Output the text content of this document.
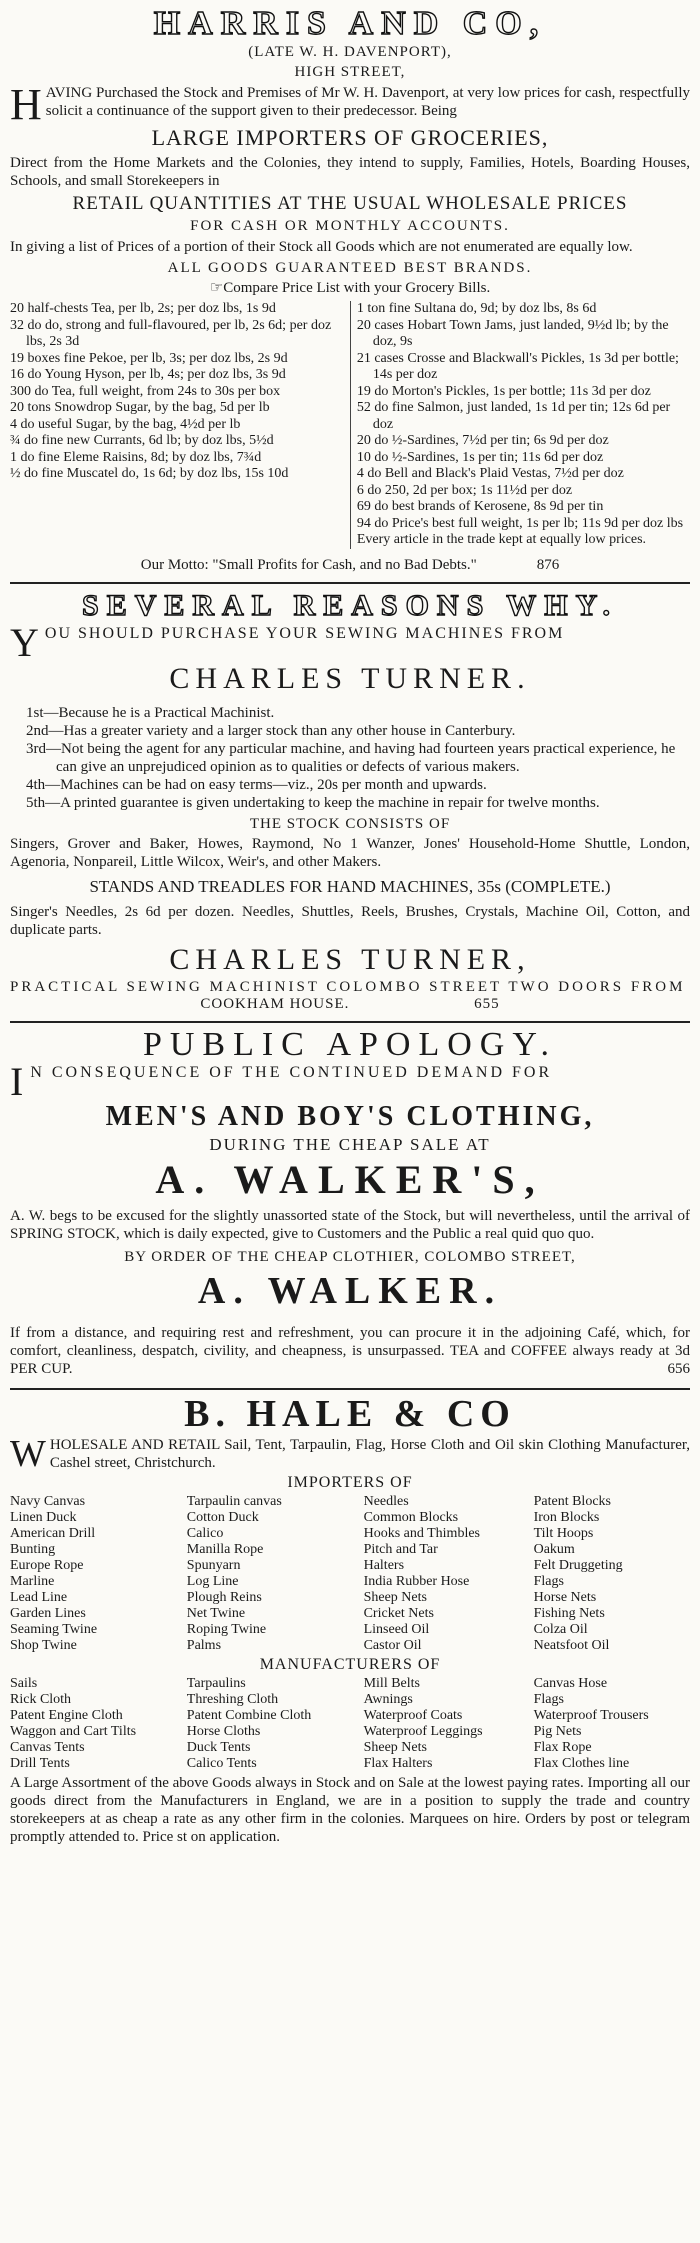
HARRIS AND CO,
(LATE W. H. DAVENPORT),
HIGH STREET,
H AVING Purchased the Stock and Premises of Mr W. H. Davenport, at very low prices for cash, respectfully solicit a continuance of the support given to their predecessor. Being
LARGE IMPORTERS OF GROCERIES,
Direct from the Home Markets and the Colonies, they intend to supply, Families, Hotels, Boarding Houses, Schools, and small Storekeepers in
RETAIL QUANTITIES AT THE USUAL WHOLESALE PRICES
FOR CASH OR MONTHLY ACCOUNTS.
In giving a list of Prices of a portion of their Stock all Goods which are not enumerated are equally low.
ALL GOODS GUARANTEED BEST BRANDS.
☞Compare Price List with your Grocery Bills.
20 half-chests Tea, per lb, 2s; per doz lbs, 1s 9d
32 do do, strong and full-flavoured, per lb, 2s 6d; per doz lbs, 2s 3d
19 boxes fine Pekoe, per lb, 3s; per doz lbs, 2s 9d
16 do Young Hyson, per lb, 4s; per doz lbs, 3s 9d
300 do Tea, full weight, from 24s to 30s per box
20 tons Snowdrop Sugar, by the bag, 5d per lb
4 do useful Sugar, by the bag, 4½d per lb
¾ do fine new Currants, 6d lb; by doz lbs, 5½d
1 do fine Eleme Raisins, 8d; by doz lbs, 7¾d
½ do fine Muscatel do, 1s 6d; by doz lbs, 15s 10d
1 ton fine Sultana do, 9d; by doz lbs, 8s 6d
20 cases Hobart Town Jams, just landed, 9½d lb; by the doz, 9s
21 cases Crosse and Blackwall's Pickles, 1s 3d per bottle; 14s per doz
19 do Morton's Pickles, 1s per bottle; 11s 3d per doz
52 do fine Salmon, just landed, 1s 1d per tin; 12s 6d per doz
20 do ½-Sardines, 7½d per tin; 6s 9d per doz
10 do ½-Sardines, 1s per tin; 11s 6d per doz
4 do Bell and Black's Plaid Vestas, 7½d per doz
6 do 250, 2d per box; 1s 11½d per doz
69 do best brands of Kerosene, 8s 9d per tin
94 do Price's best full weight, 1s per lb; 11s 9d per doz lbs
Every article in the trade kept at equally low prices.
Our Motto: "Small Profits for Cash, and no Bad Debts."	876
SEVERAL REASONS WHY.
Y OU SHOULD PURCHASE YOUR SEWING MACHINES FROM
CHARLES TURNER.
1st—Because he is a Practical Machinist.
2nd—Has a greater variety and a larger stock than any other house in Canterbury.
3rd—Not being the agent for any particular machine, and having had fourteen years practical experience, he can give an unprejudiced opinion as to qualities or defects of various makers.
4th—Machines can be had on easy terms—viz., 20s per month and upwards.
5th—A printed guarantee is given undertaking to keep the machine in repair for twelve months.
THE STOCK CONSISTS OF
Singers, Grover and Baker, Howes, Raymond, No 1 Wanzer, Jones' Household-Home Shuttle, London, Agenoria, Nonpareil, Little Wilcox, Weir's, and other Makers.
STANDS AND TREADLES FOR HAND MACHINES, 35s (COMPLETE.)
Singer's Needles, 2s 6d per dozen. Needles, Shuttles, Reels, Brushes, Crystals, Machine Oil, Cotton, and duplicate parts.
CHARLES TURNER,
PRACTICAL SEWING MACHINIST COLOMBO STREET TWO DOORS FROM
COOKHAM HOUSE.	655
PUBLIC APOLOGY.
I N CONSEQUENCE OF THE CONTINUED DEMAND FOR
MEN'S AND BOY'S CLOTHING,
DURING THE CHEAP SALE AT
A. WALKER'S,
A. W. begs to be excused for the slightly unassorted state of the Stock, but will nevertheless, until the arrival of SPRING STOCK, which is daily expected, give to Customers and the Public a real quid quo quo.
BY ORDER OF THE CHEAP CLOTHIER, COLOMBO STREET,
A. WALKER.
If from a distance, and requiring rest and refreshment, you can procure it in the adjoining Café, which, for comfort, cleanliness, despatch, civility, and cheapness, is unsurpassed. TEA and COFFEE always ready at 3d PER CUP.	656
B. HALE & CO
W HOLESALE AND RETAIL Sail, Tent, Tarpaulin, Flag, Horse Cloth and Oil skin Clothing Manufacturer, Cashel street, Christchurch.
IMPORTERS OF
Navy Canvas	Tarpaulin canvas	Needles	Patent Blocks
Linen Duck	Cotton Duck	Common Blocks	Iron Blocks
American Drill	Calico	Hooks and Thimbles	Tilt Hoops
Bunting	Manilla Rope	Pitch and Tar	Oakum
Europe Rope	Spunyarn	Halters	Felt Druggeting
Marline	Log Line	India Rubber Hose	Flags
Lead Line	Plough Reins	Sheep Nets	Horse Nets
Garden Lines	Net Twine	Cricket Nets	Fishing Nets
Seaming Twine	Roping Twine	Linseed Oil	Colza Oil
Shop Twine	Palms	Castor Oil	Neatsfoot Oil
MANUFACTURERS OF
Sails	Tarpaulins	Mill Belts	Canvas Hose
Rick Cloth	Threshing Cloth	Awnings	Flags
Patent Engine Cloth	Patent Combine Cloth	Waterproof Coats	Waterproof Trousers
Waggon and Cart Tilts	Horse Cloths	Waterproof Leggings	Pig Nets
Canvas Tents	Duck Tents	Sheep Nets	Flax Rope
Drill Tents	Calico Tents	Flax Halters	Flax Clothes line
A Large Assortment of the above Goods always in Stock and on Sale at the lowest paying rates. Importing all our goods direct from the Manufacturers in England, we are in a position to supply the trade and country storekeepers at as cheap a rate as any other firm in the colonies. Marquees on hire. Orders by post or telegram promptly attended to. Price st on application.
